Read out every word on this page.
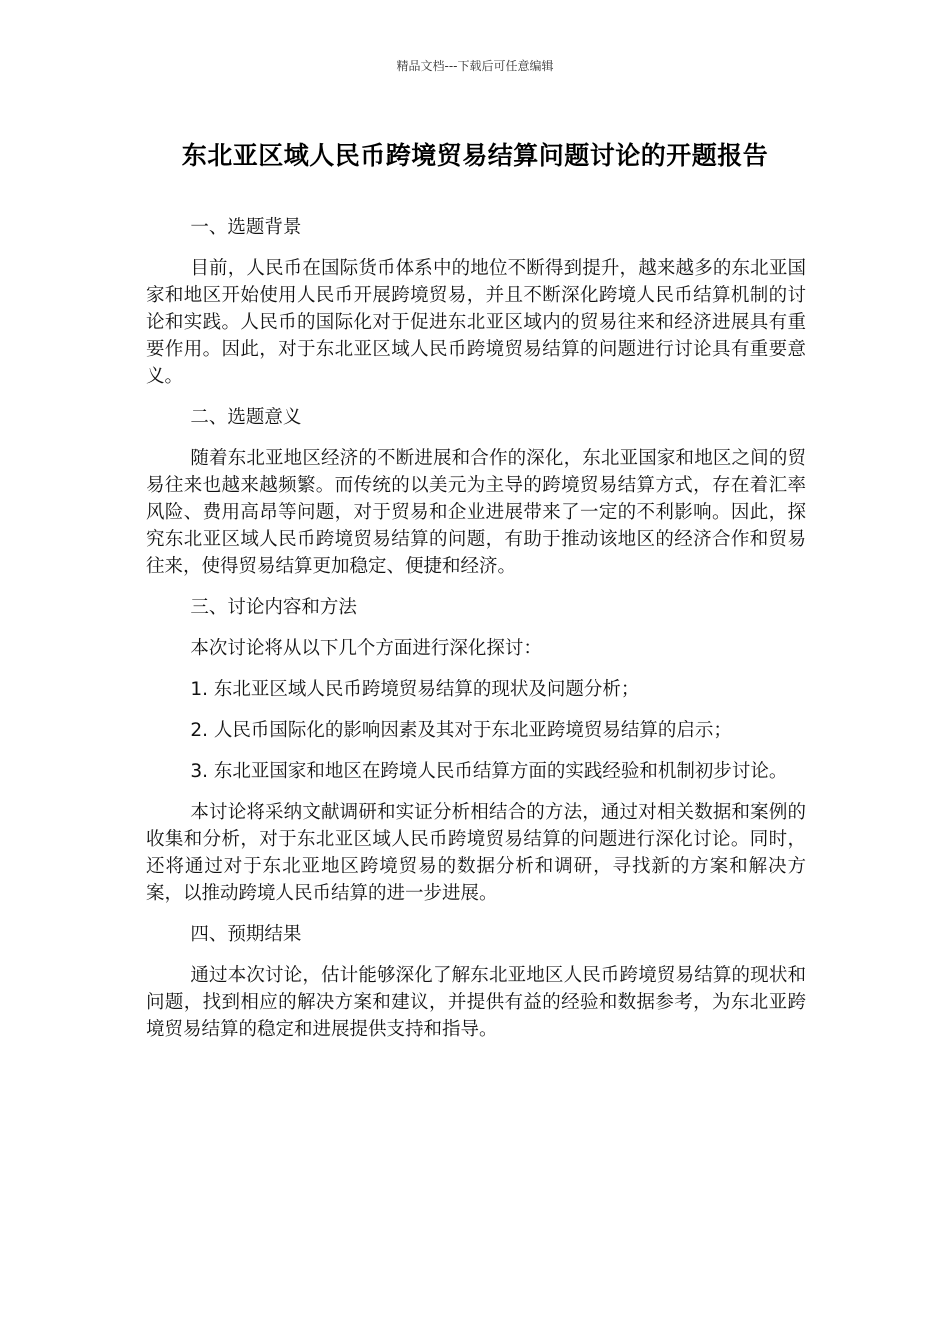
精品文档---下载后可任意编辑
东北亚区域人民币跨境贸易结算问题讨论的开题报告

一、选题背景

目前，人民币在国际货币体系中的地位不断得到提升，越来越多的东北亚国家和地区开始使用人民币开展跨境贸易，并且不断深化跨境人民币结算机制的讨论和实践。人民币的国际化对于促进东北亚区域内的贸易往来和经济进展具有重要作用。因此，对于东北亚区域人民币跨境贸易结算的问题进行讨论具有重要意义。

二、选题意义

随着东北亚地区经济的不断进展和合作的深化，东北亚国家和地区之间的贸易往来也越来越频繁。而传统的以美元为主导的跨境贸易结算方式，存在着汇率风险、费用高昂等问题，对于贸易和企业进展带来了一定的不利影响。因此，探究东北亚区域人民币跨境贸易结算的问题，有助于推动该地区的经济合作和贸易往来，使得贸易结算更加稳定、便捷和经济。

三、讨论内容和方法

本次讨论将从以下几个方面进行深化探讨：

1. 东北亚区域人民币跨境贸易结算的现状及问题分析；

2. 人民币国际化的影响因素及其对于东北亚跨境贸易结算的启示；

3. 东北亚国家和地区在跨境人民币结算方面的实践经验和机制初步讨论。

本讨论将采纳文献调研和实证分析相结合的方法，通过对相关数据和案例的收集和分析，对于东北亚区域人民币跨境贸易结算的问题进行深化讨论。同时，还将通过对于东北亚地区跨境贸易的数据分析和调研，寻找新的方案和解决方案，以推动跨境人民币结算的进一步进展。

四、预期结果

通过本次讨论，估计能够深化了解东北亚地区人民币跨境贸易结算的现状和问题，找到相应的解决方案和建议，并提供有益的经验和数据参考，为东北亚跨境贸易结算的稳定和进展提供支持和指导。
